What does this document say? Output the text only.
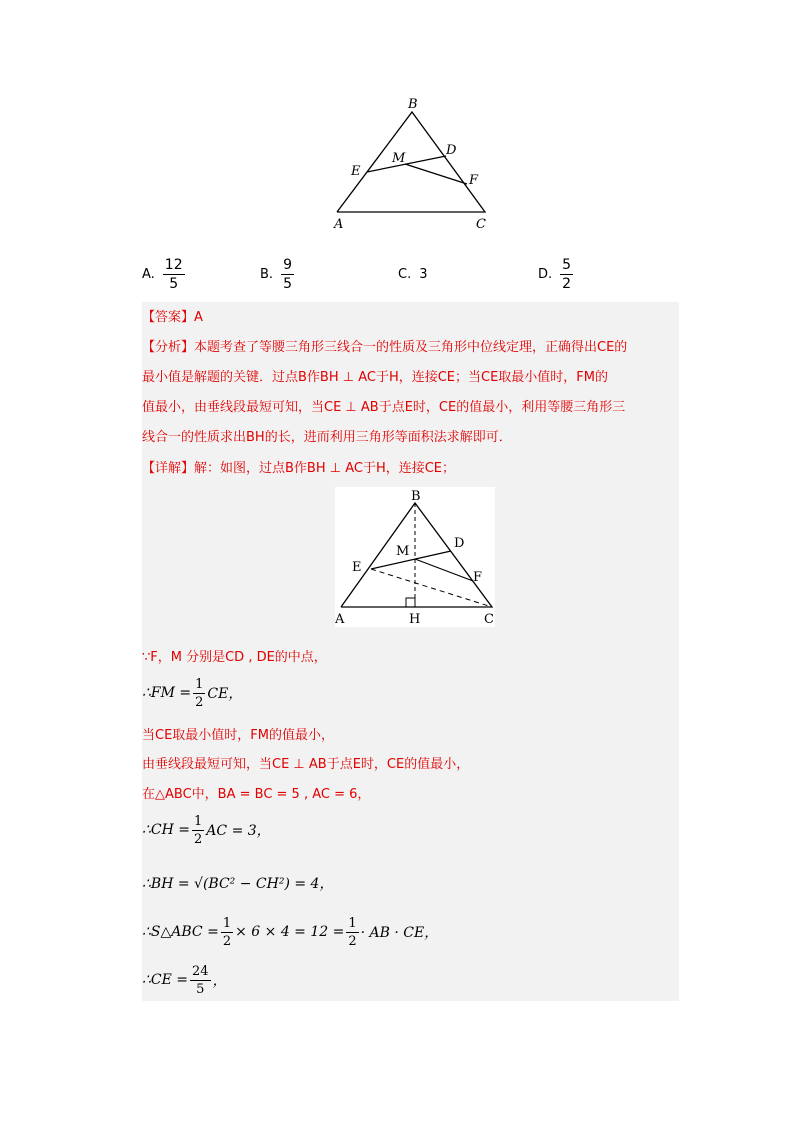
B
D
M
E
F
A	C
A. $\frac{12}{5}$	B. $\frac{9}{5}$	C. 3	D. $\frac{5}{2}$
【答案】A
【分析】本题考查了等腰三角形三线合一的性质及三角形中位线定理，正确得出CE的
最小值是解题的关键．过点B作BH ⊥ AC于H，连接CE；当CE取最小值时，FM的
值最小，由垂线段最短可知，当CE ⊥ AB于点E时，CE的值最小，利用等腰三角形三
线合一的性质求出BH的长，进而利用三角形等面积法求解即可．
【详解】解：如图，过点B作BH ⊥ AC于H，连接CE；
B
D
M
E
F
A	H	C
∵F，M 分别是CD , DE的中点，
∴FM = $\frac{1}{2}$ CE，
当CE取最小值时，FM的值最小，
由垂线段最短可知，当CE ⊥ AB于点E时，CE的值最小，
在△ABC中，BA = BC = 5 , AC = 6，
∴CH = $\frac{1}{2}$ AC = 3，
∴BH = √(BC² − CH²) = 4，
∴S△ABC = $\frac{1}{2} \times 6 \times 4 = 12 = \frac{1}{2}$ · AB · CE，
∴CE = $\frac{24}{5}$ ，
